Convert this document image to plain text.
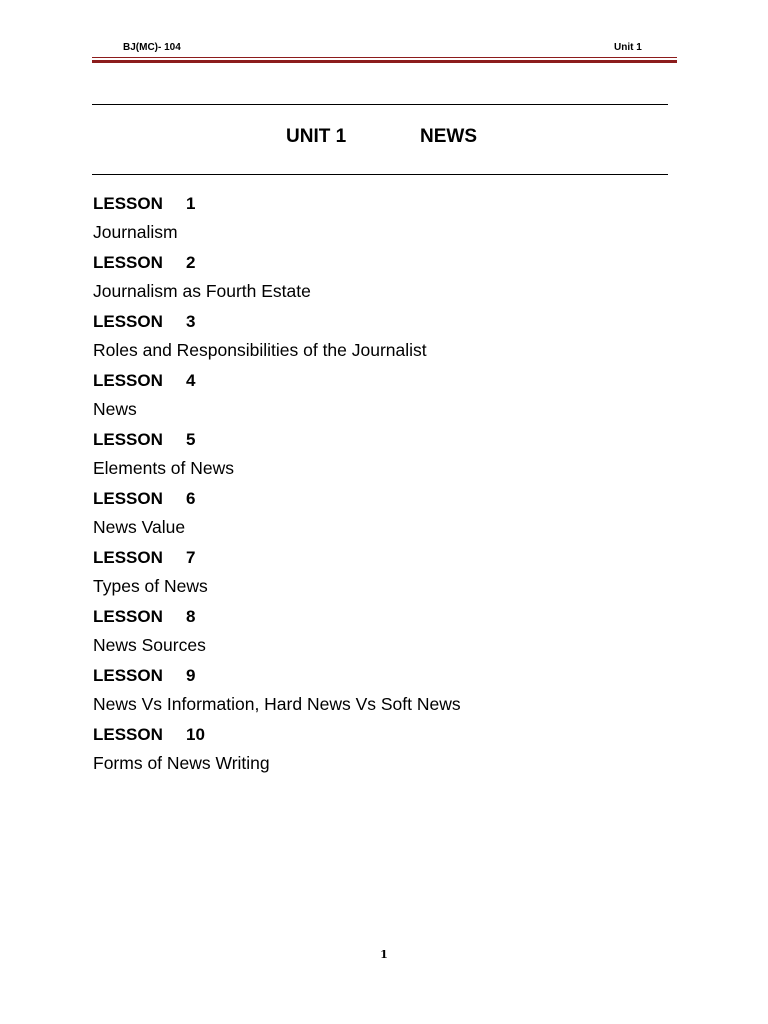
BJ(MC)- 104	Unit 1
UNIT 1	NEWS
LESSON	1
Journalism
LESSON	2
Journalism as Fourth Estate
LESSON	3
Roles and Responsibilities of the Journalist
LESSON	4
News
LESSON	5
Elements of News
LESSON	6
News Value
LESSON	7
Types of News
LESSON	8
News Sources
LESSON	9
News Vs Information, Hard News Vs Soft News
LESSON	10
Forms of News Writing
1
